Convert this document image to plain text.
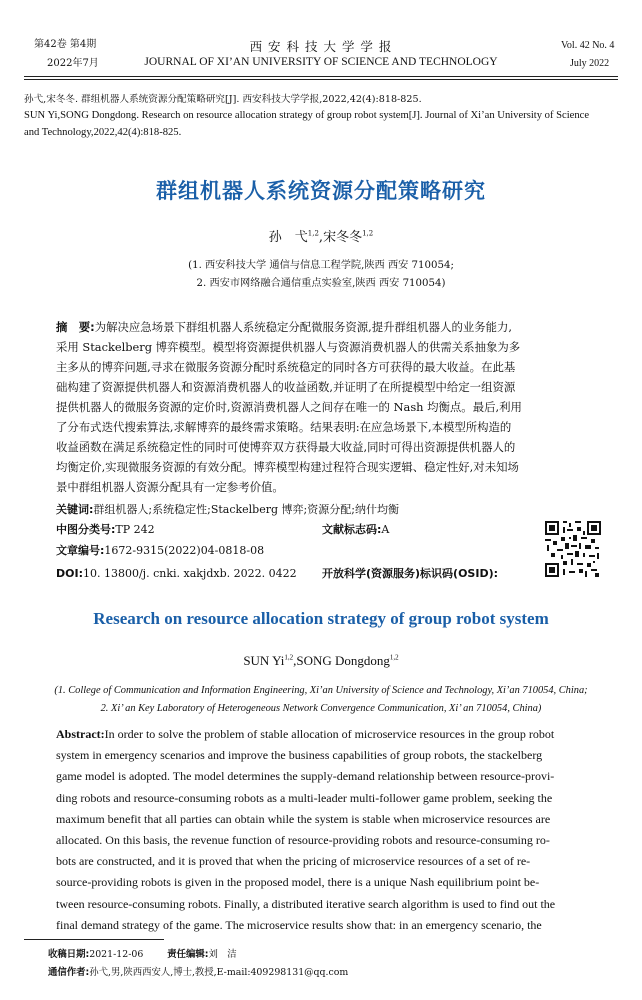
第42卷 第4期
2022年7月
西 安 科 技 大 学 学 报
JOURNAL OF XI’AN UNIVERSITY OF SCIENCE AND TECHNOLOGY
Vol. 42 No. 4
July 2022
孙弋,宋冬冬. 群组机器人系统资源分配策略研究[J]. 西安科技大学学报,2022,42(4):818-825.
SUN Yi,SONG Dongdong. Research on resource allocation strategy of group robot system[J]. Journal of Xi’an University of Science
and Technology,2022,42(4):818-825.
群组机器人系统资源分配策略研究
孙　弋$^{1,2}$,宋冬冬$^{1,2}$
(1. 西安科技大学 通信与信息工程学院,陕西 西安 710054;
2. 西安市网络融合通信重点实验室,陕西 西安 710054)
摘　要:为解决应急场景下群组机器人系统稳定分配微服务资源,提升群组机器人的业务能力,
采用 Stackelberg 博弈模型。模型将资源提供机器人与资源消费机器人的供需关系抽象为多
主多从的博弈问题,寻求在微服务资源分配时系统稳定的同时各方可获得的最大收益。在此基
础构建了资源提供机器人和资源消费机器人的收益函数,并证明了在所提模型中给定一组资源
提供机器人的微服务资源的定价时,资源消费机器人之间存在唯一的 Nash 均衡点。最后,利用
了分布式迭代搜索算法,求解博弈的最终需求策略。结果表明:在应急场景下,本模型所构造的
收益函数在满足系统稳定性的同时可使博弈双方获得最大收益,同时可得出资源提供机器人的
均衡定价,实现微服务资源的有效分配。博弈模型构建过程符合现实逻辑、稳定性好,对未知场
景中群组机器人资源分配具有一定参考价值。
关键词:群组机器人;系统稳定性;Stackelberg 博弈;资源分配;纳什均衡
中图分类号:TP 242	文献标志码:A
文章编号:1672-9315(2022)04-0818-08
DOI:10. 13800/j. cnki. xakjdxb. 2022. 0422 开放科学(资源服务)标识码(OSID):
Research on resource allocation strategy of group robot system
SUN Yi$^{1,2}$,SONG Dongdong$^{1,2}$
(1. College of Communication and Information Engineering, Xi’an University of Science and Technology, Xi’an 710054, China;
2. Xi’ an Key Laboratory of Heterogeneous Network Convergence Communication, Xi’ an 710054, China)
Abstract:In order to solve the problem of stable allocation of microservice resources in the group robot
system in emergency scenarios and improve the business capabilities of group robots, the stackelberg
game model is adopted. The model determines the supply-demand relationship between resource-provi-
ding robots and resource-consuming robots as a multi-leader multi-follower game problem, seeking the
maximum benefit that all parties can obtain while the system is stable when microservice resources are
allocated. On this basis, the revenue function of resource-providing robots and resource-consuming ro-
bots are constructed, and it is proved that when the pricing of microservice resources of a set of re-
source-providing robots is given in the proposed model, there is a unique Nash equilibrium point be-
tween resource-consuming robots. Finally, a distributed iterative search algorithm is used to find out the
final demand strategy of the game. The microservice results show that: in an emergency scenario, the
收稿日期:2021-12-06	责任编辑:刘　洁
通信作者:孙弋,男,陕西西安人,博士,教授,E-mail:409298131@qq.com
